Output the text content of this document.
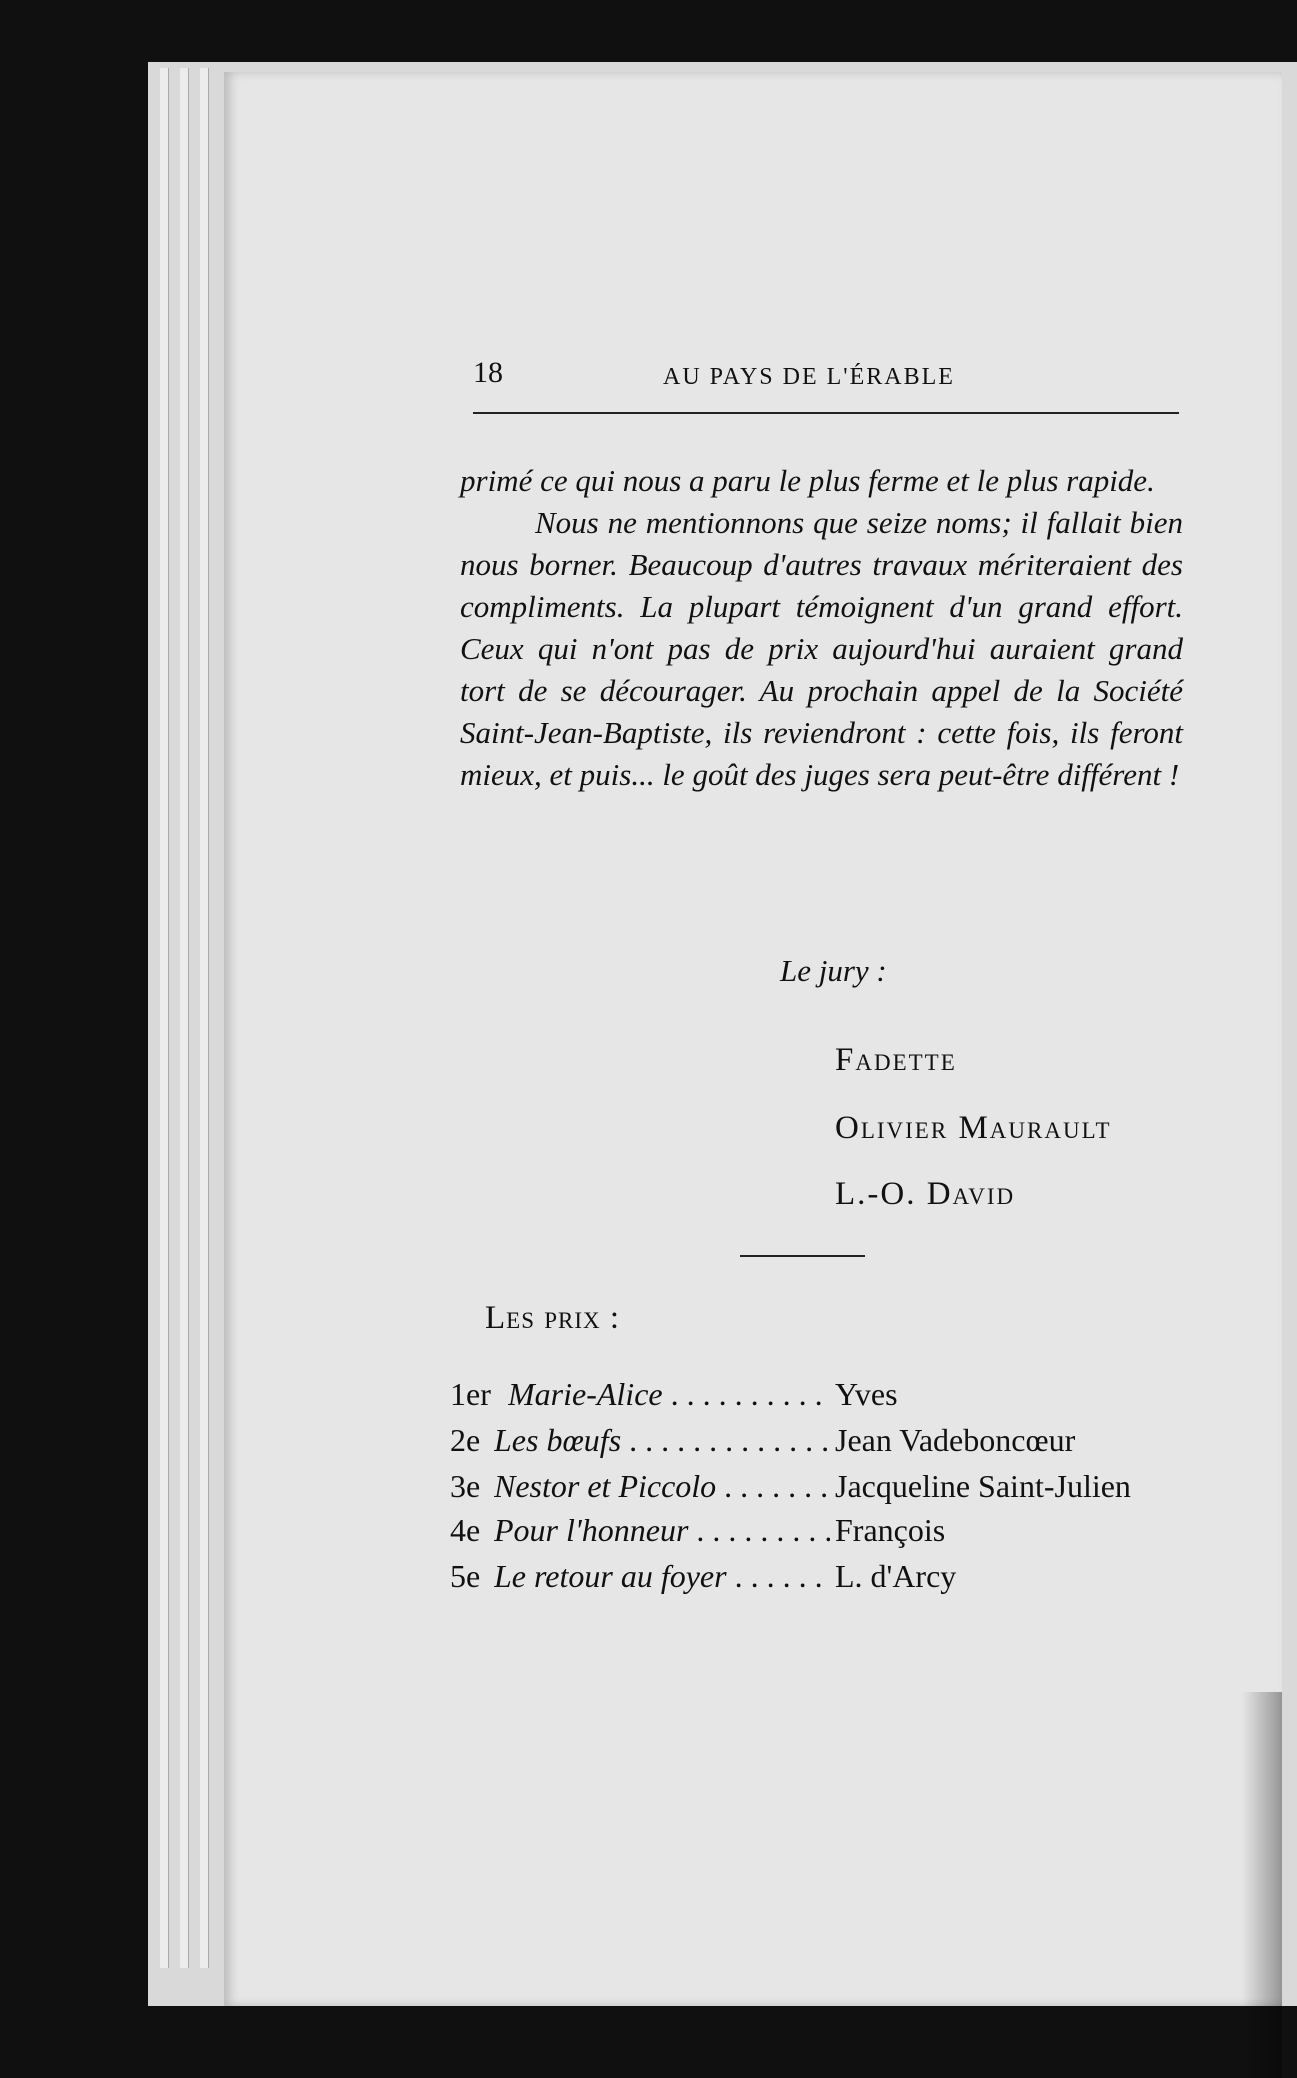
18	AU PAYS DE L'ÉRABLE

primé ce qui nous a paru le plus ferme et le plus rapide.

Nous ne mentionnons que seize noms; il fallait bien nous borner. Beaucoup d'autres travaux mériteraient des compliments. La plupart témoignent d'un grand effort. Ceux qui n'ont pas de prix aujourd'hui auraient grand tort de se décourager. Au prochain appel de la Société Saint-Jean-Baptiste, ils reviendront : cette fois, ils feront mieux, et puis... le goût des juges sera peut-être différent !

Le jury :
Fadette
Olivier Maurault
L.-O. David
Les prix :
1er Marie-Alice . . .	Yves
2e Les bœufs . . .	Jean Vadeboncœur
3e Nestor et Piccolo . . .	Jacqueline Saint-Julien
4e Pour l'honneur . . .	François
5e Le retour au foyer . . .	L. d'Arcy
